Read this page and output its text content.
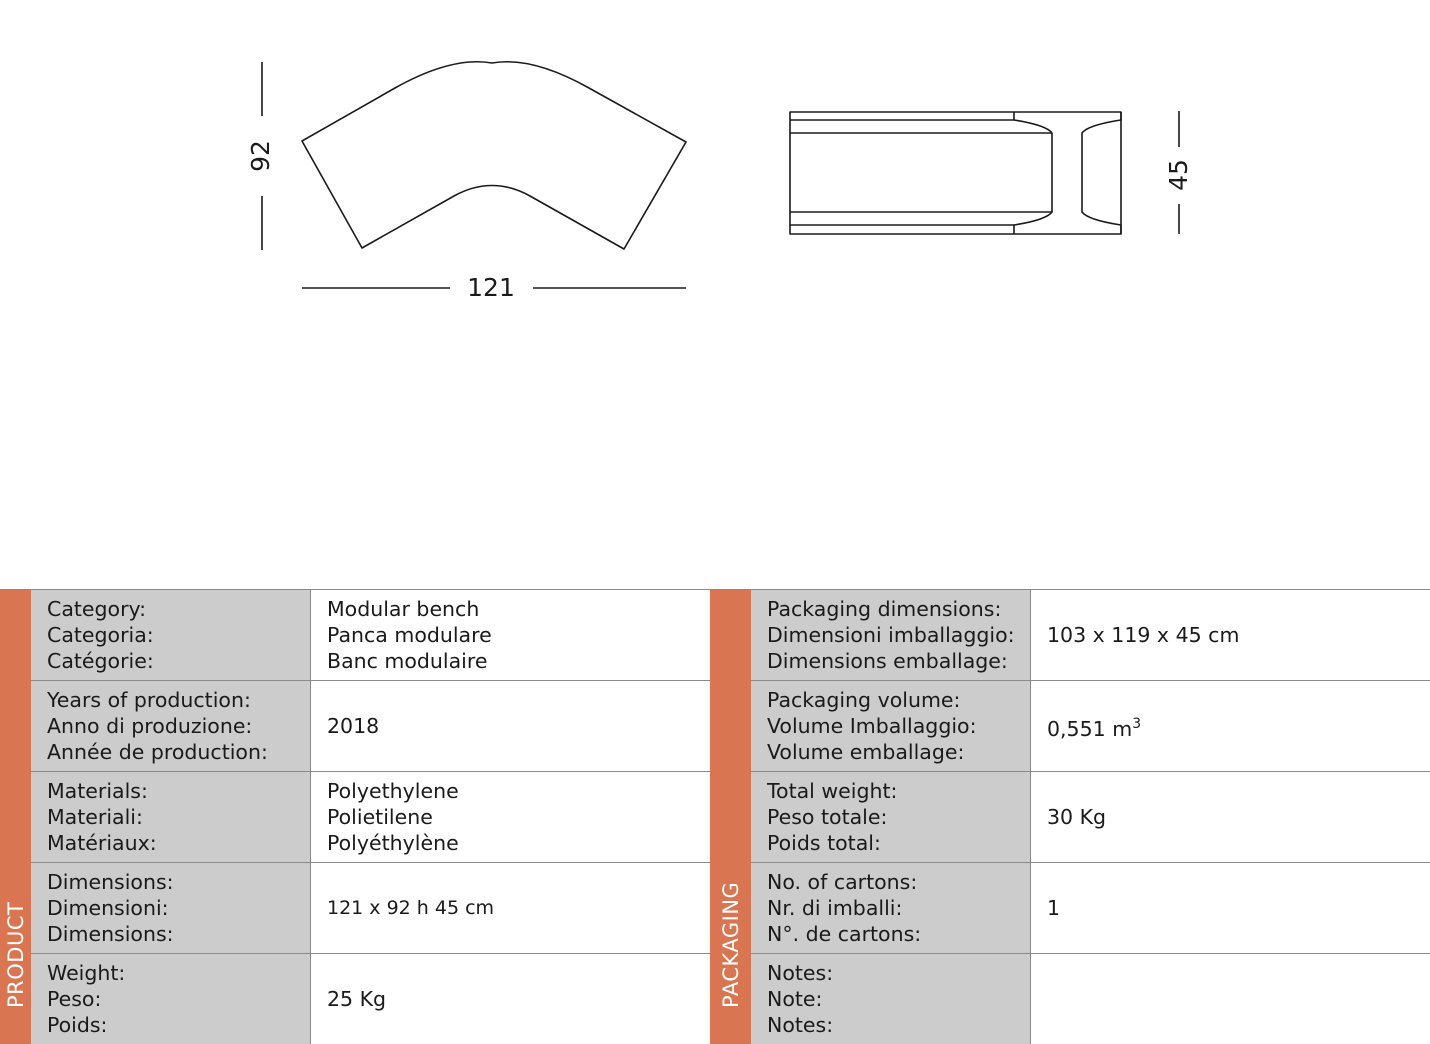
92
121
45
PRODUCT
Category:
Categoria:
Catégorie:
Modular bench
Panca modulare
Banc modulaire
Years of production:
Anno di produzione:
Année de production:
2018
Materials:
Materiali:
Matériaux:
Polyethylene
Polietilene
Polyéthylène
Dimensions:
Dimensioni:
Dimensions:
121 x 92 h 45 cm
Weight:
Peso:
Poids:
25 Kg	PACKAGING
Packaging dimensions:
Dimensioni imballaggio:
Dimensions emballage:
103 x 119 x 45 cm
Packaging volume:
Volume Imballaggio:
Volume emballage:
0,551 $m^3$
Total weight:
Peso totale:
Poids total:
30 Kg
No. of cartons:
Nr. di imballi:
N°. de cartons:
1
Notes:
Note:
Notes:
